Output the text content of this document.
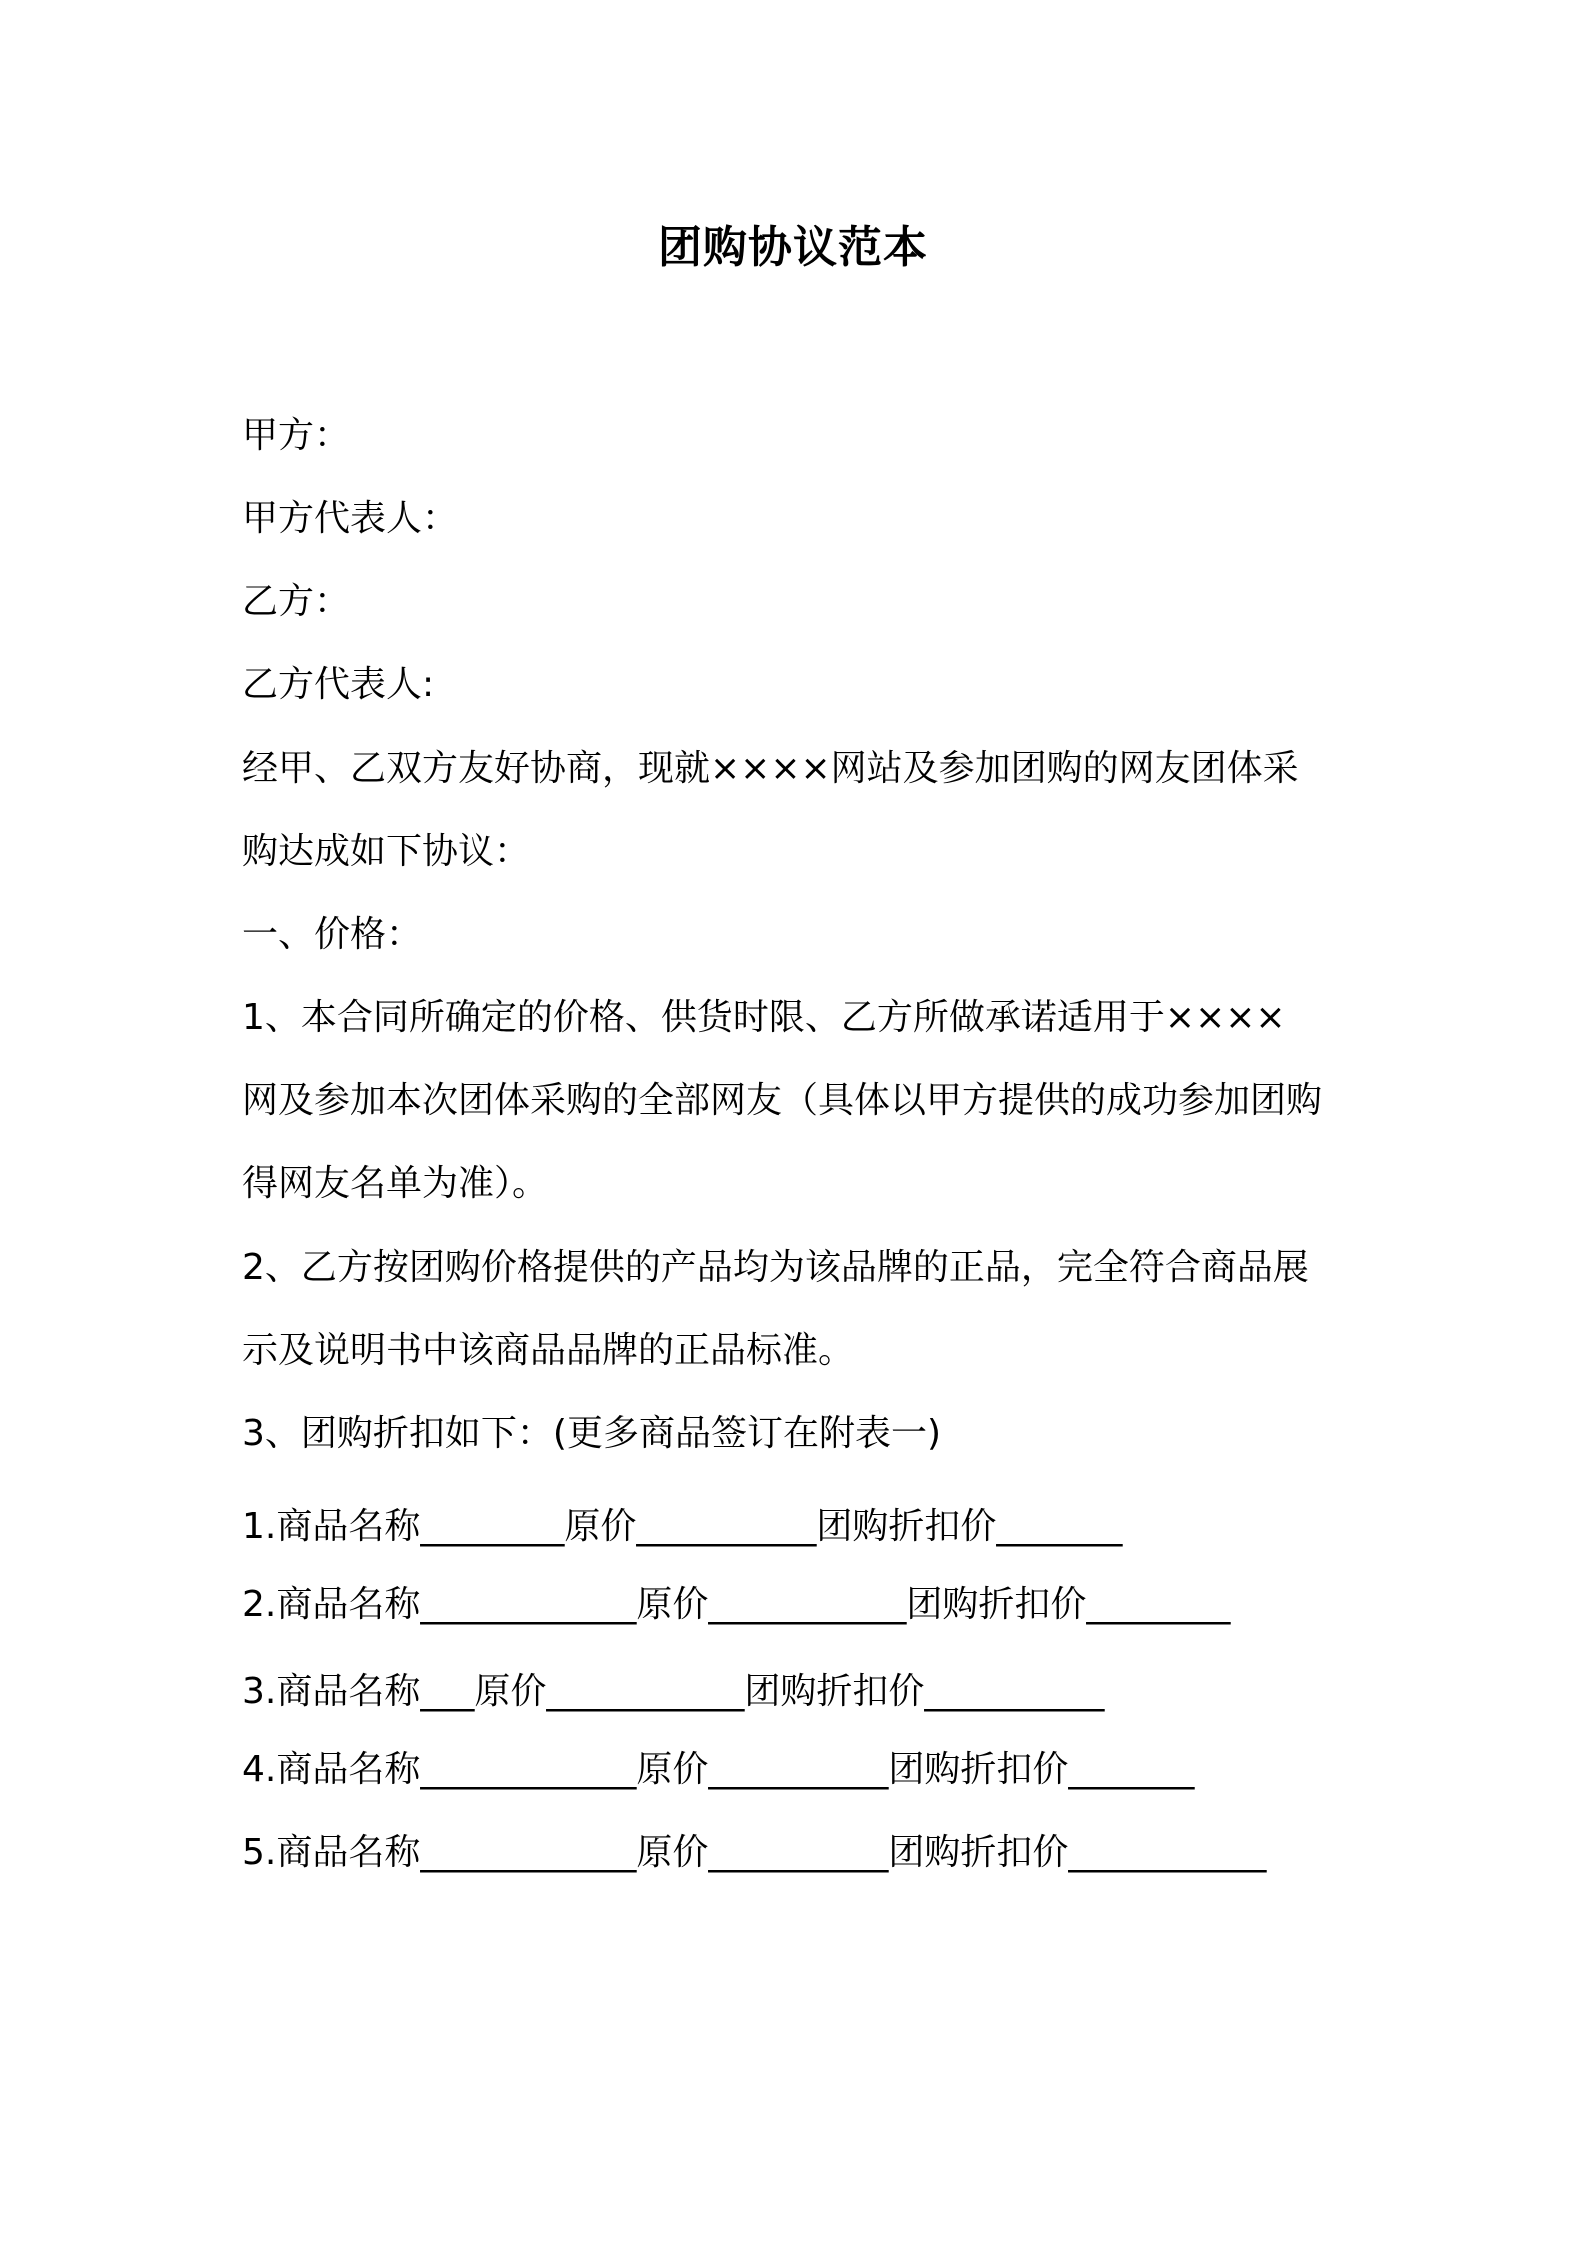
团购协议范本

甲方：

甲方代表人：

乙方：

乙方代表人:

经甲、乙双方友好协商，现就××××网站及参加团购的网友团体采

购达成如下协议：

一、价格：

1、本合同所确定的价格、供货时限、乙方所做承诺适用于××××

网及参加本次团体采购的全部网友（具体以甲方提供的成功参加团购

得网友名单为准）。

2、乙方按团购价格提供的产品均为该品牌的正品，完全符合商品展

示及说明书中该商品品牌的正品标准。

3、团购折扣如下：(更多商品签订在附表一)

1.商品名称________原价__________团购折扣价_______

2.商品名称____________原价___________团购折扣价________

3.商品名称___原价___________团购折扣价__________

4.商品名称____________原价__________团购折扣价_______

5.商品名称____________原价__________团购折扣价___________
